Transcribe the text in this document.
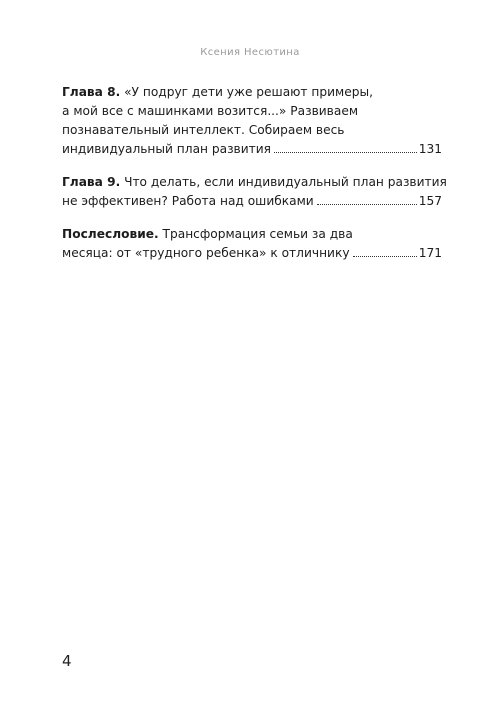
Ксения Несютина
Глава 8. «У подруг дети уже решают примеры,
а мой все с машинками возится...» Развиваем
познавательный интеллект. Собираем весь
индивидуальный план развития	131
Глава 9. Что делать, если индивидуальный план развития
не эффективен? Работа над ошибками	157
Послесловие. Трансформация семьи за два
месяца: от «трудного ребенка» к отличнику	171
4
